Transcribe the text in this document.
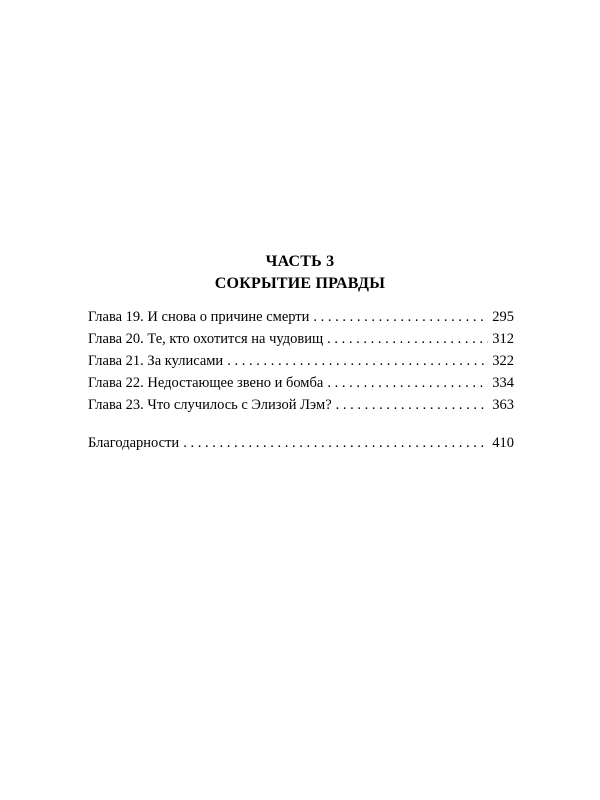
ЧАСТЬ 3
СОКРЫТИЕ ПРАВДЫ
Глава 19. И снова о причине смерти . . .	295
Глава 20. Те, кто охотится на чудовищ . . .	312
Глава 21. За кулисами . . .	322
Глава 22. Недостающее звено и бомба . . .	334
Глава 23. Что случилось с Элизой Лэм? . . .	363
Благодарности . . .	410
